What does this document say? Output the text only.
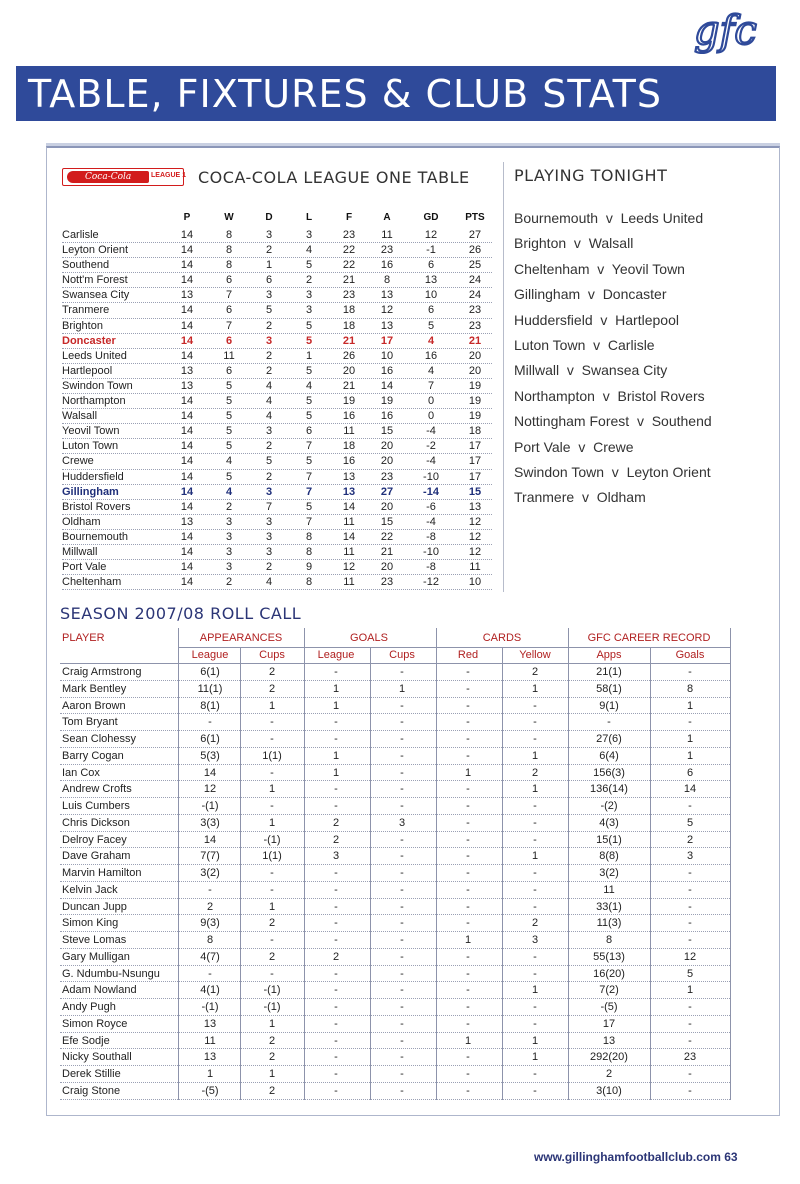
gfc
TABLE, FIXTURES & CLUB STATS
Coca-Cola	LEAGUE 1 COCA-COLA LEAGUE ONE TABLE
P	W	D	L	F	A	GD	PTS
Carlisle	14	8	3	3	23	11	12	27
Leyton Orient	14	8	2	4	22	23	-1	26
Southend	14	8	1	5	22	16	6	25
Nott'm Forest	14	6	6	2	21	8	13	24
Swansea City	13	7	3	3	23	13	10	24
Tranmere	14	6	5	3	18	12	6	23
Brighton	14	7	2	5	18	13	5	23
Doncaster	14	6	3	5	21	17	4	21
Leeds United	14	11	2	1	26	10	16	20
Hartlepool	13	6	2	5	20	16	4	20
Swindon Town	13	5	4	4	21	14	7	19
Northampton	14	5	4	5	19	19	0	19
Walsall	14	5	4	5	16	16	0	19
Yeovil Town	14	5	3	6	11	15	-4	18
Luton Town	14	5	2	7	18	20	-2	17
Crewe	14	4	5	5	16	20	-4	17
Huddersfield	14	5	2	7	13	23	-10	17
Gillingham	14	4	3	7	13	27	-14	15
Bristol Rovers	14	2	7	5	14	20	-6	13
Oldham	13	3	3	7	11	15	-4	12
Bournemouth	14	3	3	8	14	22	-8	12
Millwall	14	3	3	8	11	21	-10	12
Port Vale	14	3	2	9	12	20	-8	11
Cheltenham	14	2	4	8	11	23	-12	10
PLAYING TONIGHT
Bournemouth  v  Leeds United
Brighton  v  Walsall
Cheltenham  v  Yeovil Town
Gillingham  v  Doncaster
Huddersfield  v  Hartlepool
Luton Town  v  Carlisle
Millwall  v  Swansea City
Northampton  v  Bristol Rovers
Nottingham Forest  v  Southend
Port Vale  v  Crewe
Swindon Town  v  Leyton Orient
Tranmere  v  Oldham
SEASON 2007/08 ROLL CALL
PLAYER	APPEARANCES	GOALS	CARDS	GFC CAREER RECORD
League	Cups	League	Cups	Red	Yellow	Apps	Goals
Craig Armstrong	6(1)	2	-	-	-	2	21(1)	-
Mark Bentley	11(1)	2	1	1	-	1	58(1)	8
Aaron Brown	8(1)	1	1	-	-	-	9(1)	1
Tom Bryant	-	-	-	-	-	-	-	-
Sean Clohessy	6(1)	-	-	-	-	-	27(6)	1
Barry Cogan	5(3)	1(1)	1	-	-	1	6(4)	1
Ian Cox	14	-	1	-	1	2	156(3)	6
Andrew Crofts	12	1	-	-	-	1	136(14)	14
Luis Cumbers	-(1)	-	-	-	-	-	-(2)	-
Chris Dickson	3(3)	1	2	3	-	-	4(3)	5
Delroy Facey	14	-(1)	2	-	-	-	15(1)	2
Dave Graham	7(7)	1(1)	3	-	-	1	8(8)	3
Marvin Hamilton	3(2)	-	-	-	-	-	3(2)	-
Kelvin Jack	-	-	-	-	-	-	11	-
Duncan Jupp	2	1	-	-	-	-	33(1)	-
Simon King	9(3)	2	-	-	-	2	11(3)	-
Steve Lomas	8	-	-	-	1	3	8	-
Gary Mulligan	4(7)	2	2	-	-	-	55(13)	12
G. Ndumbu-Nsungu	-	-	-	-	-	-	16(20)	5
Adam Nowland	4(1)	-(1)	-	-	-	1	7(2)	1
Andy Pugh	-(1)	-(1)	-	-	-	-	-(5)	-
Simon Royce	13	1	-	-	-	-	17	-
Efe Sodje	11	2	-	-	1	1	13	-
Nicky Southall	13	2	-	-	-	1	292(20)	23
Derek Stillie	1	1	-	-	-	-	2	-
Craig Stone	-(5)	2	-	-	-	-	3(10)	-
www.gillinghamfootballclub.com 63
